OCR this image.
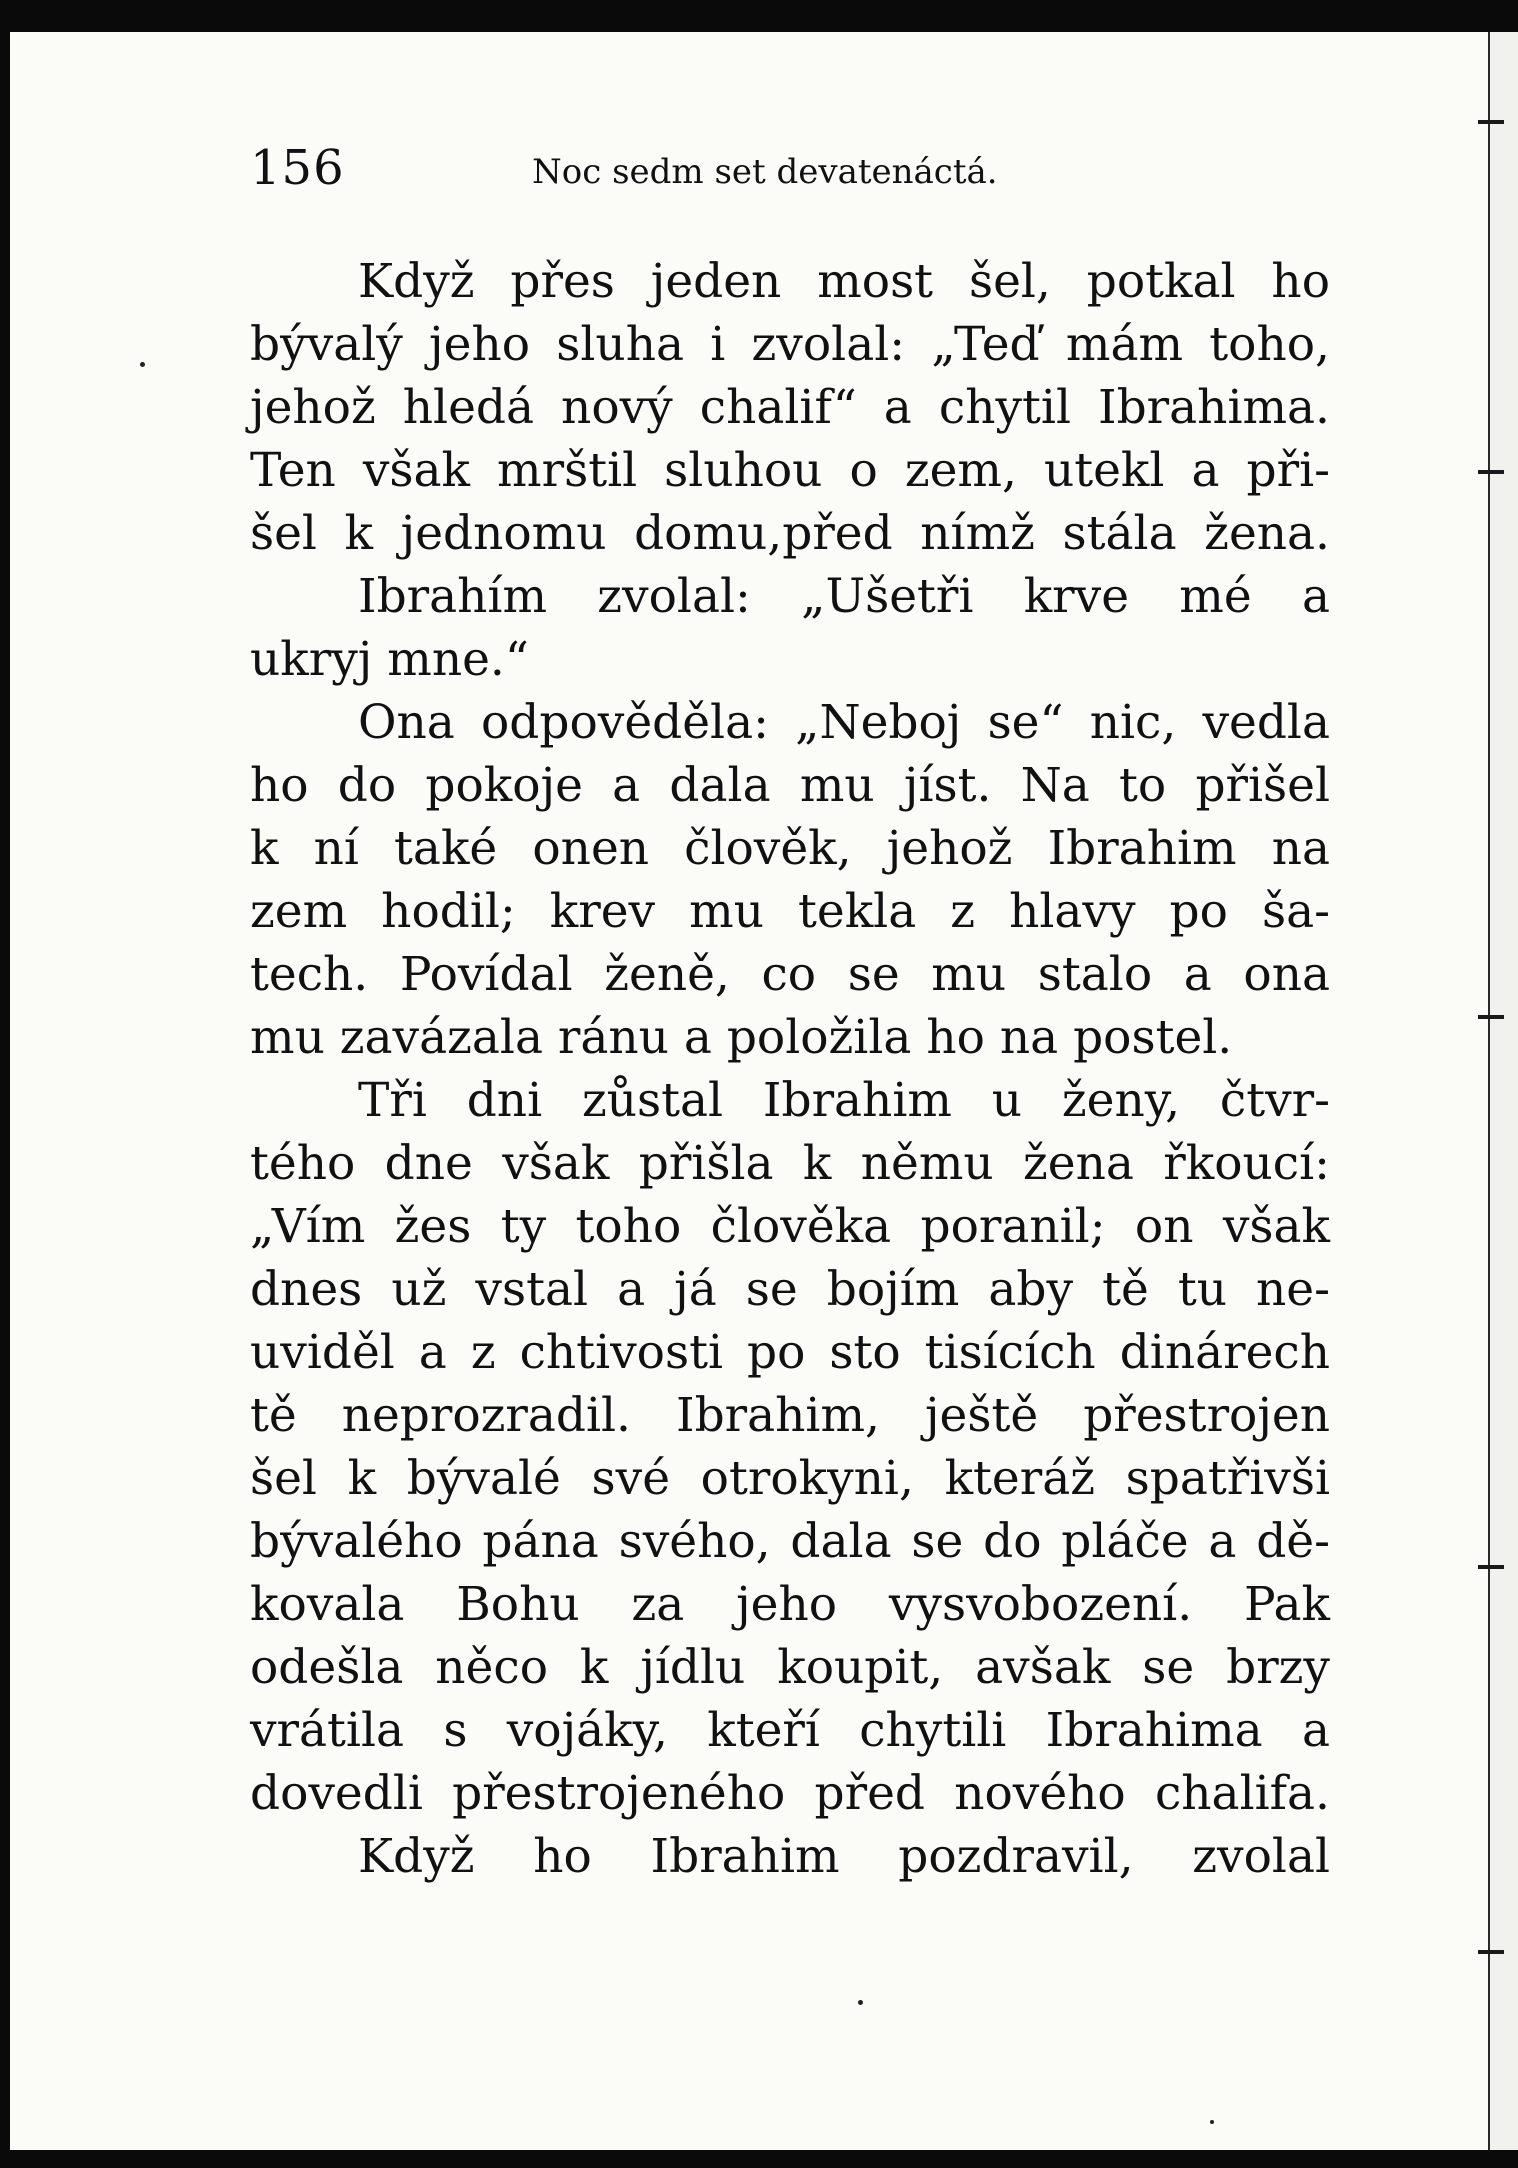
156	Noc sedm set devatenáctá.
Když přes jeden most šel, potkal ho
bývalý jeho sluha i zvolal: „Teď mám toho,
jehož hledá nový chalif“ a chytil Ibrahima.
Ten však mrštil sluhou o zem, utekl a při-
šel k jednomu domu,před nímž stála žena.
Ibrahím zvolal: „Ušetři krve mé a
ukryj mne.“
Ona odpověděla: „Neboj se“ nic, vedla
ho do pokoje a dala mu jíst. Na to přišel
k ní také onen člověk, jehož Ibrahim na
zem hodil; krev mu tekla z hlavy po ša-
tech. Povídal ženě, co se mu stalo a ona
mu zavázala ránu a položila ho na postel.
Tři dni zůstal Ibrahim u ženy, čtvr-
tého dne však přišla k němu žena řkoucí:
„Vím žes ty toho člověka poranil; on však
dnes už vstal a já se bojím aby tě tu ne-
uviděl a z chtivosti po sto tisících dinárech
tě neprozradil. Ibrahim, ještě přestrojen
šel k bývalé své otrokyni, kteráž spatřivši
bývalého pána svého, dala se do pláče a dě-
kovala Bohu za jeho vysvobození. Pak
odešla něco k jídlu koupit, avšak se brzy
vrátila s vojáky, kteří chytili Ibrahima a
dovedli přestrojeného před nového chalifa.
Když ho Ibrahim pozdravil, zvolal
